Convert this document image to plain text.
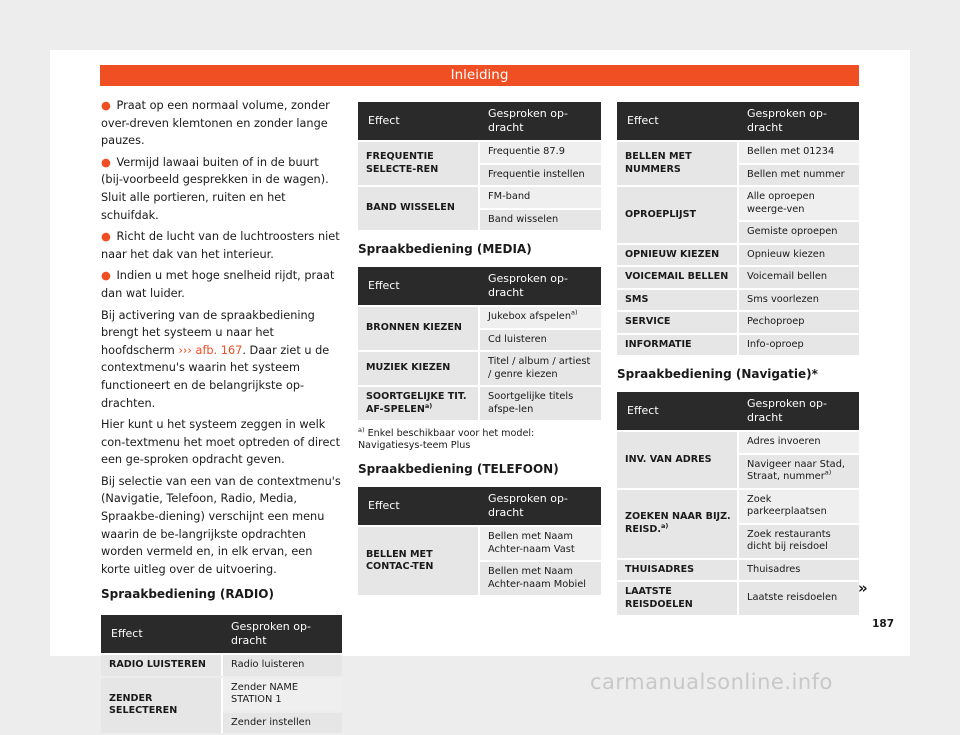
Inleiding

● Praat op een normaal volume, zonder over-dreven klemtonen en zonder lange pauzes.

● Vermijd lawaai buiten of in de buurt (bij-voorbeeld gesprekken in de wagen). Sluit alle portieren, ruiten en het schuifdak.

● Richt de lucht van de luchtroosters niet naar het dak van het interieur.

● Indien u met hoge snelheid rijdt, praat dan wat luider.

Bij activering van de spraakbediening brengt het systeem u naar het hoofdscherm ››› afb. 167. Daar ziet u de contextmenu's waarin het systeem functioneert en de belangrijkste op-drachten.

Hier kunt u het systeem zeggen in welk con-textmenu het moet optreden of direct een ge-sproken opdracht geven.

Bij selectie van een van de contextmenu's (Navigatie, Telefoon, Radio, Media, Spraakbe-diening) verschijnt een menu waarin de be-langrijkste opdrachten worden vermeld en, in elk ervan, een korte uitleg over de uitvoering.

Spraakbediening (RADIO)
Effect	Gesproken op-dracht
RADIO LUISTEREN	Radio luisteren
ZENDER SELECTEREN	Zender NAME STATION 1
	Zender instellen
Effect	Gesproken op-dracht
FREQUENTIE SELECTE-REN	Frequentie 87.9
	Frequentie instellen
BAND WISSELEN	FM-band
	Band wisselen
Spraakbediening (MEDIA)
Effect	Gesproken op-dracht
BRONNEN KIEZEN	Jukebox afspelen$^{a)}$
	Cd luisteren
MUZIEK KIEZEN	Titel / album / artiest / genre kiezen
SOORTGELIJKE TIT. AF-SPELEN$^{a)}$	Soortgelijke titels afspe-len

$^{a)}$ Enkel beschikbaar voor het model: Navigatiesys-teem Plus

Spraakbediening (TELEFOON)
Effect	Gesproken op-dracht
BELLEN MET CONTAC-TEN	Bellen met Naam Achter-naam Vast
	Bellen met Naam Achter-naam Mobiel
Effect	Gesproken op-dracht
BELLEN MET NUMMERS	Bellen met 01234
	Bellen met nummer
OPROEPLIJST	Alle oproepen weerge-ven
	Gemiste oproepen
OPNIEUW KIEZEN	Opnieuw kiezen
VOICEMAIL BELLEN	Voicemail bellen
SMS	Sms voorlezen
SERVICE	Pechoproep
INFORMATIE	Info-oproep
Spraakbediening (Navigatie)*
Effect	Gesproken op-dracht
INV. VAN ADRES	Adres invoeren
	Navigeer naar Stad, Straat, nummer$^{a)}$
ZOEKEN NAAR BIJZ. REISD.$^{a)}$	Zoek parkeerplaatsen
	Zoek restaurants dicht bij reisdoel
THUISADRES	Thuisadres
LAATSTE REISDOELEN	Laatste reisdoelen
»
187
carmanualsonline.info
